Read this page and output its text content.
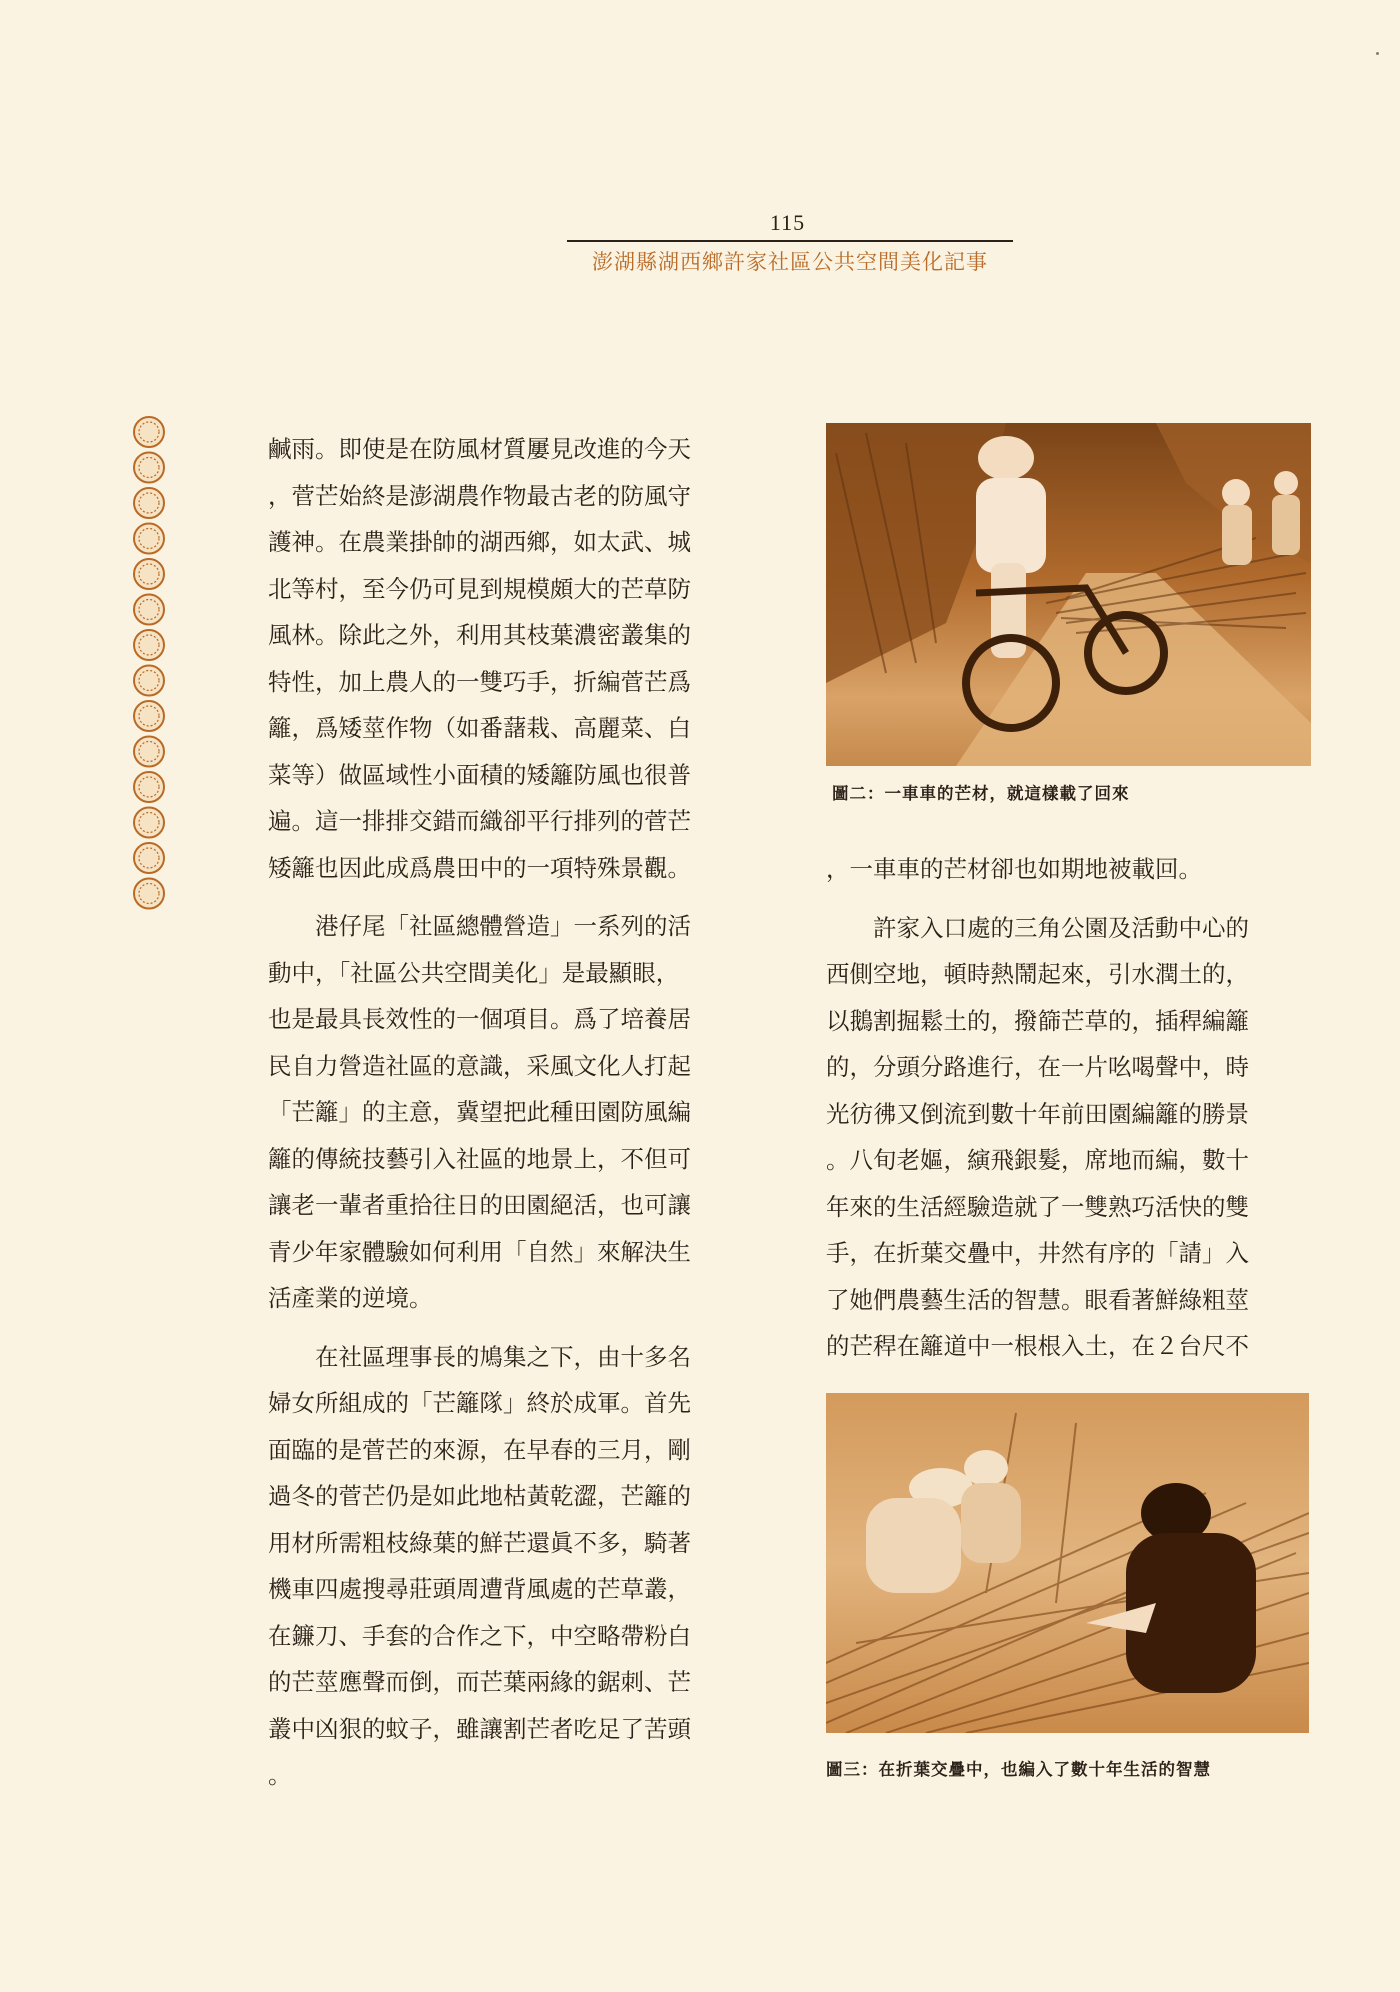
115
澎湖縣湖西鄉許家社區公共空間美化記事
鹹雨。即使是在防風材質屢見改進的今天
，菅芒始終是澎湖農作物最古老的防風守
護神。在農業掛帥的湖西鄉，如太武、城
北等村，至今仍可見到規模頗大的芒草防
風林。除此之外，利用其枝葉濃密叢集的
特性，加上農人的一雙巧手，折編菅芒爲
籬，爲矮莖作物（如番藷栽、高麗菜、白
菜等）做區域性小面積的矮籬防風也很普
遍。這一排排交錯而織卻平行排列的菅芒
矮籬也因此成爲農田中的一項特殊景觀。
　　港仔尾「社區總體營造」一系列的活
動中，「社區公共空間美化」是最顯眼，
也是最具長效性的一個項目。爲了培養居
民自力營造社區的意識，采風文化人打起
「芒籬」的主意，冀望把此種田園防風編
籬的傳統技藝引入社區的地景上，不但可
讓老一輩者重拾往日的田園絕活，也可讓
青少年家體驗如何利用「自然」來解決生
活產業的逆境。
　　在社區理事長的鳩集之下，由十多名
婦女所組成的「芒籬隊」終於成軍。首先
面臨的是菅芒的來源，在早春的三月，剛
過冬的菅芒仍是如此地枯黃乾澀，芒籬的
用材所需粗枝綠葉的鮮芒還眞不多，騎著
機車四處搜尋莊頭周遭背風處的芒草叢，
在鐮刀、手套的合作之下，中空略帶粉白
的芒莖應聲而倒，而芒葉兩緣的鋸刺、芒
叢中凶狠的蚊子，雖讓割芒者吃足了苦頭
。
圖二：一車車的芒材，就這樣載了回來
，一車車的芒材卻也如期地被載回。
　　許家入口處的三角公園及活動中心的
西側空地，頓時熱鬧起來，引水潤土的，
以鵝割掘鬆土的，撥篩芒草的，插稈編籬
的，分頭分路進行，在一片吆喝聲中，時
光彷彿又倒流到數十年前田園編籬的勝景
。八旬老嫗，縯飛銀髮，席地而編，數十
年來的生活經驗造就了一雙熟巧活快的雙
手，在折葉交疊中，井然有序的「請」入
了她們農藝生活的智慧。眼看著鮮綠粗莖
的芒稈在籬道中一根根入土，在２台尺不
圖三：在折葉交疊中，也編入了數十年生活的智慧
